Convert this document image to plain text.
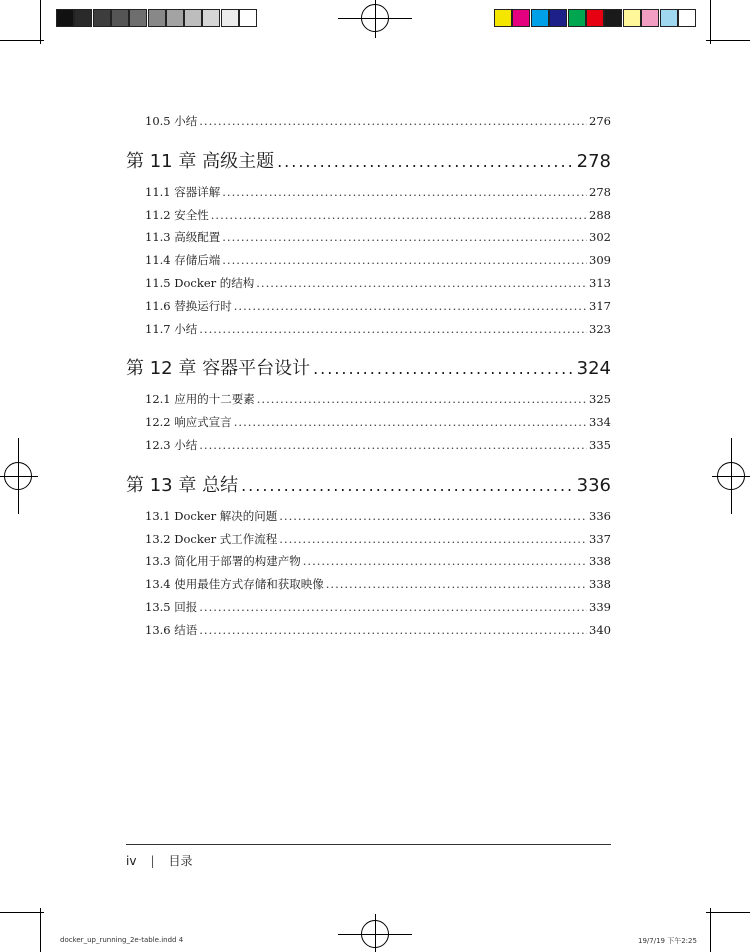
10.5 小结 .....	276
第 11 章 高级主题 .....	278
11.1 容器详解 .....	278
11.2 安全性 .....	288
11.3 高级配置 .....	302
11.4 存储后端 .....	309
11.5 Docker 的结构 .....	313
11.6 替换运行时 .....	317
11.7 小结 .....	323
第 12 章 容器平台设计 .....	324
12.1 应用的十二要素 .....	325
12.2 响应式宣言 .....	334
12.3 小结 .....	335
第 13 章 总结 .....	336
13.1 Docker 解决的问题 .....	336
13.2 Docker 式工作流程 .....	337
13.3 简化用于部署的构建产物 .....	338
13.4 使用最佳方式存储和获取映像 .....	338
13.5 回报 .....	339
13.6 结语 .....	340
iv | 目录
docker_up_running_2e-table.indd 4	19/7/19 下午2:25
